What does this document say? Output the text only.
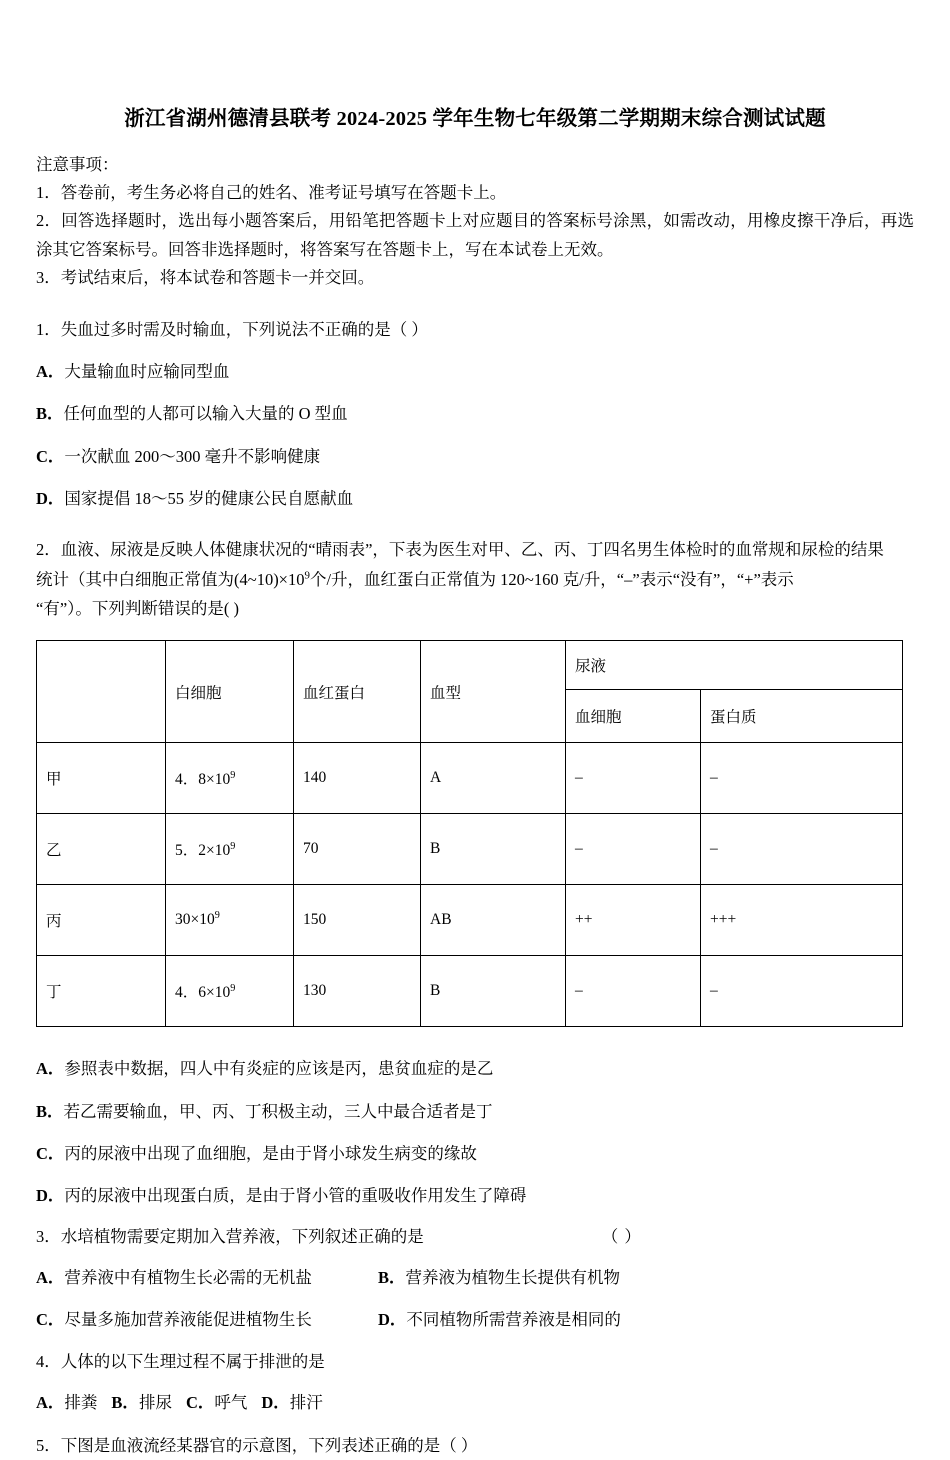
浙江省湖州德清县联考 2024-2025 学年生物七年级第二学期期末综合测试试题

注意事项：

1．答卷前，考生务必将自己的姓名、准考证号填写在答题卡上。

2．回答选择题时，选出每小题答案后，用铅笔把答题卡上对应题目的答案标号涂黑，如需改动，用橡皮擦干净后，再选涂其它答案标号。回答非选择题时，将答案写在答题卡上，写在本试卷上无效。

3．考试结束后，将本试卷和答题卡一并交回。

1．失血过多时需及时输血，下列说法不正确的是（ ）

A．大量输血时应输同型血

B．任何血型的人都可以输入大量的 O 型血

C．一次献血 200～300 毫升不影响健康

D．国家提倡 18～55 岁的健康公民自愿献血

2．血液、尿液是反映人体健康状况的“晴雨表”，下表为医生对甲、乙、丙、丁四名男生体检时的血常规和尿检的结果

统计（其中白细胞正常值为$(4\sim 10)\times 10^9$个/升，血红蛋白正常值为 120~160 克/升，“–”表示“没有”，“+”表示

“有”）。下列判断错误的是( )

	白细胞	血红蛋白	血型	尿液	
				血细胞	蛋白质
甲	4．$8\times 10^9$	140	A	–	–
乙	5．$2\times 10^9$	70	B	–	–
丙	$30\times 10^9$	150	AB	++	+++
丁	4．$6\times 10^9$	130	B	–	–

A．参照表中数据，四人中有炎症的应该是丙，患贫血症的是乙

B．若乙需要输血，甲、丙、丁积极主动，三人中最合适者是丁

C．丙的尿液中出现了血细胞，是由于肾小球发生病变的缘故

D．丙的尿液中出现蛋白质，是由于肾小管的重吸收作用发生了障碍

3．水培植物需要定期加入营养液，下列叙述正确的是	（ ）

A．营养液中有植物生长必需的无机盐	B．营养液为植物生长提供有机物
C．尽量多施加营养液能促进植物生长	D．不同植物所需营养液是相同的

4．人体的以下生理过程不属于排泄的是

A．排粪 B．排尿 C．呼气 D．排汗

5．下图是血液流经某器官的示意图，下列表述正确的是（ ）
